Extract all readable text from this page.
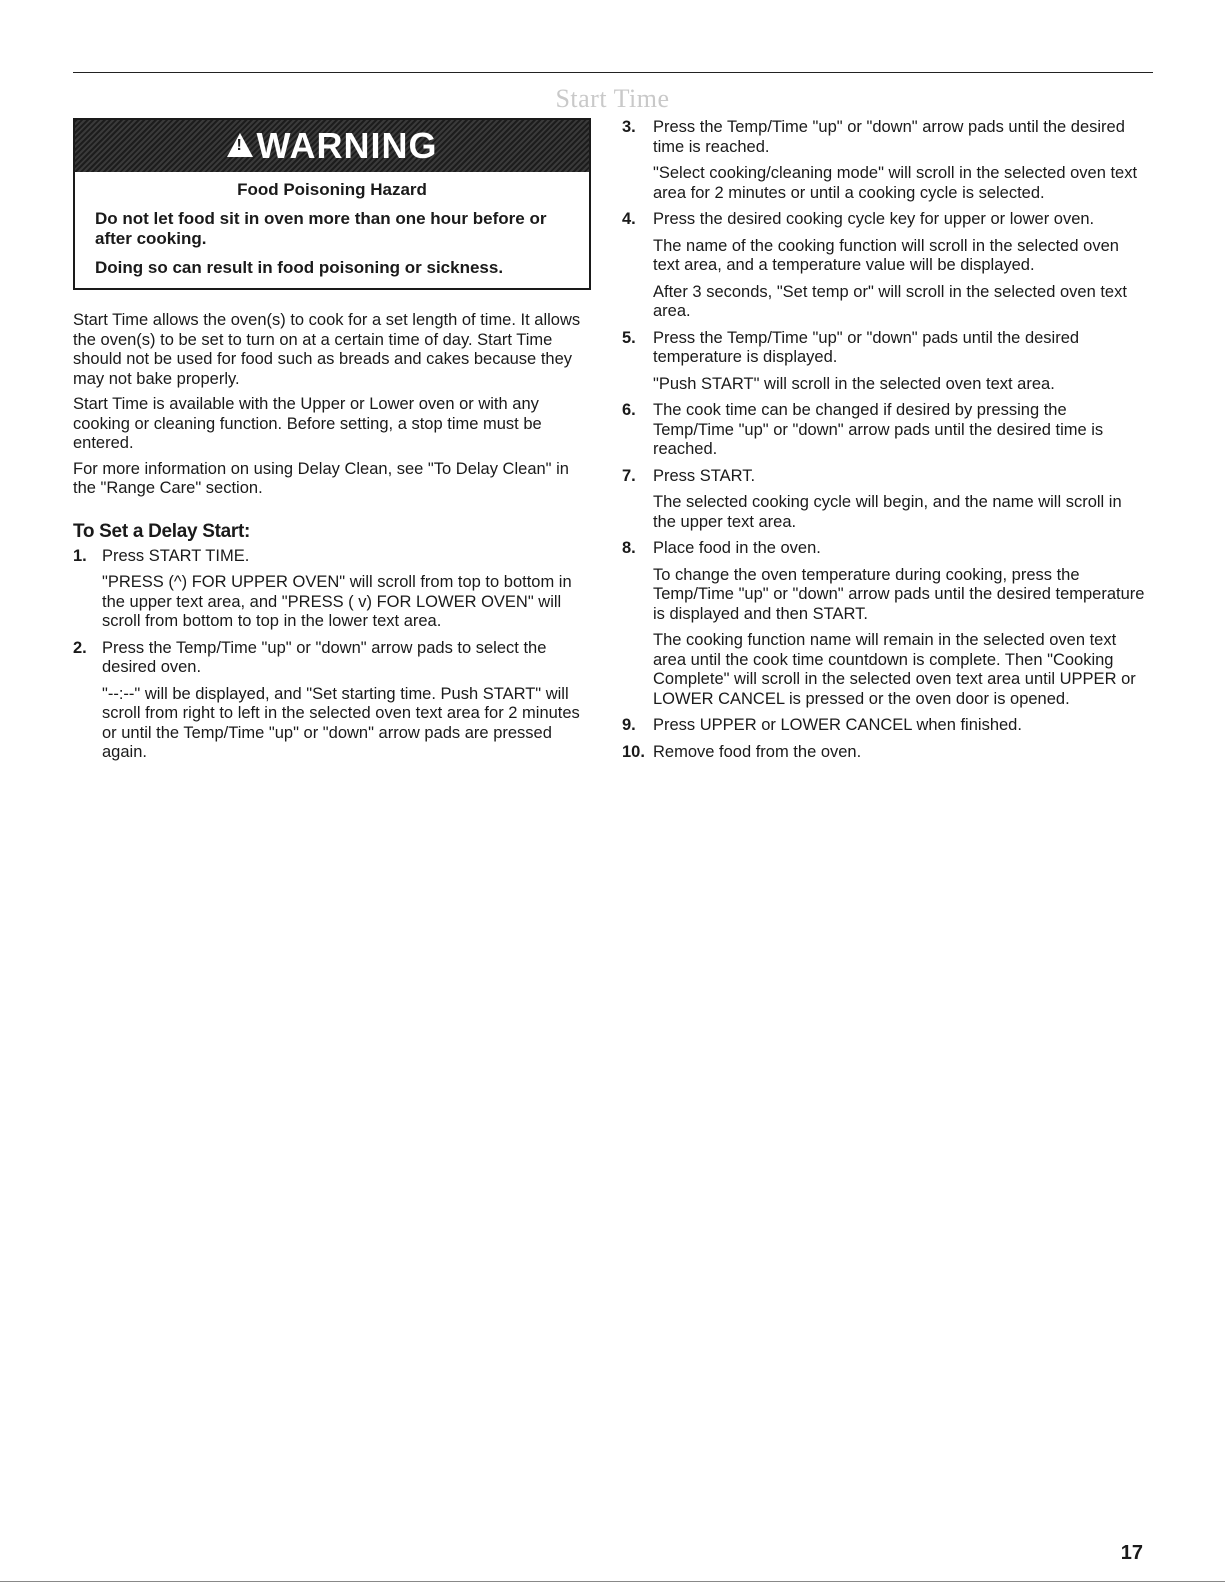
Start Time
! WARNING

Food Poisoning Hazard

Do not let food sit in oven more than one hour before or after cooking.

Doing so can result in food poisoning or sickness.

Start Time allows the oven(s) to cook for a set length of time. It allows the oven(s) to be set to turn on at a certain time of day. Start Time should not be used for food such as breads and cakes because they may not bake properly.

Start Time is available with the Upper or Lower oven or with any cooking or cleaning function. Before setting, a stop time must be entered.

For more information on using Delay Clean, see "To Delay Clean" in the "Range Care" section.

To Set a Delay Start:
1. Press START TIME.

"PRESS (^) FOR UPPER OVEN" will scroll from top to bottom in the upper text area, and "PRESS ( v) FOR LOWER OVEN" will scroll from bottom to top in the lower text area.

2. Press the Temp/Time "up" or "down" arrow pads to select the desired oven.

"--:--" will be displayed, and "Set starting time. Push START" will scroll from right to left in the selected oven text area for 2 minutes or until the Temp/Time "up" or "down" arrow pads are pressed again.

3. Press the Temp/Time "up" or "down" arrow pads until the desired time is reached.

"Select cooking/cleaning mode" will scroll in the selected oven text area for 2 minutes or until a cooking cycle is selected.

4. Press the desired cooking cycle key for upper or lower oven.

The name of the cooking function will scroll in the selected oven text area, and a temperature value will be displayed.

After 3 seconds, "Set temp or" will scroll in the selected oven text area.

5. Press the Temp/Time "up" or "down" pads until the desired temperature is displayed.

"Push START" will scroll in the selected oven text area.

6. The cook time can be changed if desired by pressing the Temp/Time "up" or "down" arrow pads until the desired time is reached.
7. Press START.

The selected cooking cycle will begin, and the name will scroll in the upper text area.

8. Place food in the oven.

To change the oven temperature during cooking, press the Temp/Time "up" or "down" arrow pads until the desired temperature is displayed and then START.

The cooking function name will remain in the selected oven text area until the cook time countdown is complete. Then "Cooking Complete" will scroll in the selected oven text area until UPPER or LOWER CANCEL is pressed or the oven door is opened.

9. Press UPPER or LOWER CANCEL when finished.
10. Remove food from the oven.
17
